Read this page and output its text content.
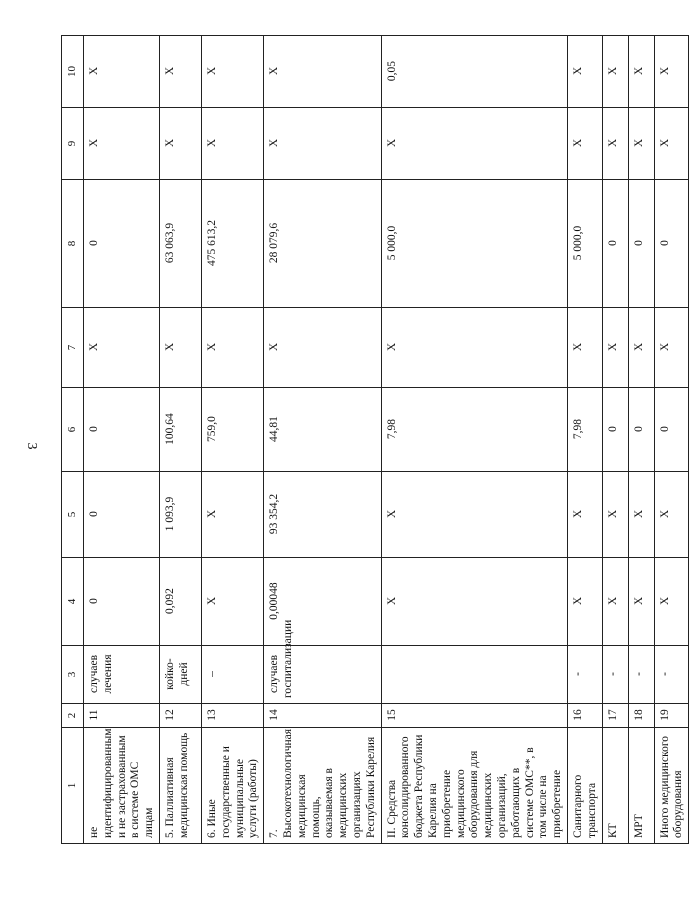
3
1	2	3	4	5	6	7	8	9	10
не идентифицированным и не застрахованным в системе ОМС лицам	11	случаев лечения	0	0	0	X	0	X	X
5. Паллиативная медицинская помощь	12	койко-дней	0,092	1 093,9	100,64	X	63 063,9	X	X
6. Иные государственные и муниципальные услуги (работы)	13	–	X	X	759,0	X	475 613,2	X	X
7. Высокотехнологичная медицинская помощь, оказываемая в медицинских организациях Республики Карелия	14	случаев госпитализации	0,00048	93 354,2	44,81	X	28 079,6	X	X
II. Средства консолидированного бюджета Республики Карелия на приобретение медицинского оборудования для медицинских организаций, работающих в системе ОМС**, в том числе на приобретение	15		X	X	7,98	X	5 000,0	X	0,05
Санитарного транспорта	16	-	X	X	7,98	X	5 000,0	X	X
КТ	17	-	X	X	0	X	0	X	X
МРТ	18	-	X	X	0	X	0	X	X
Иного медицинского оборудования	19	-	X	X	0	X	0	X	X
